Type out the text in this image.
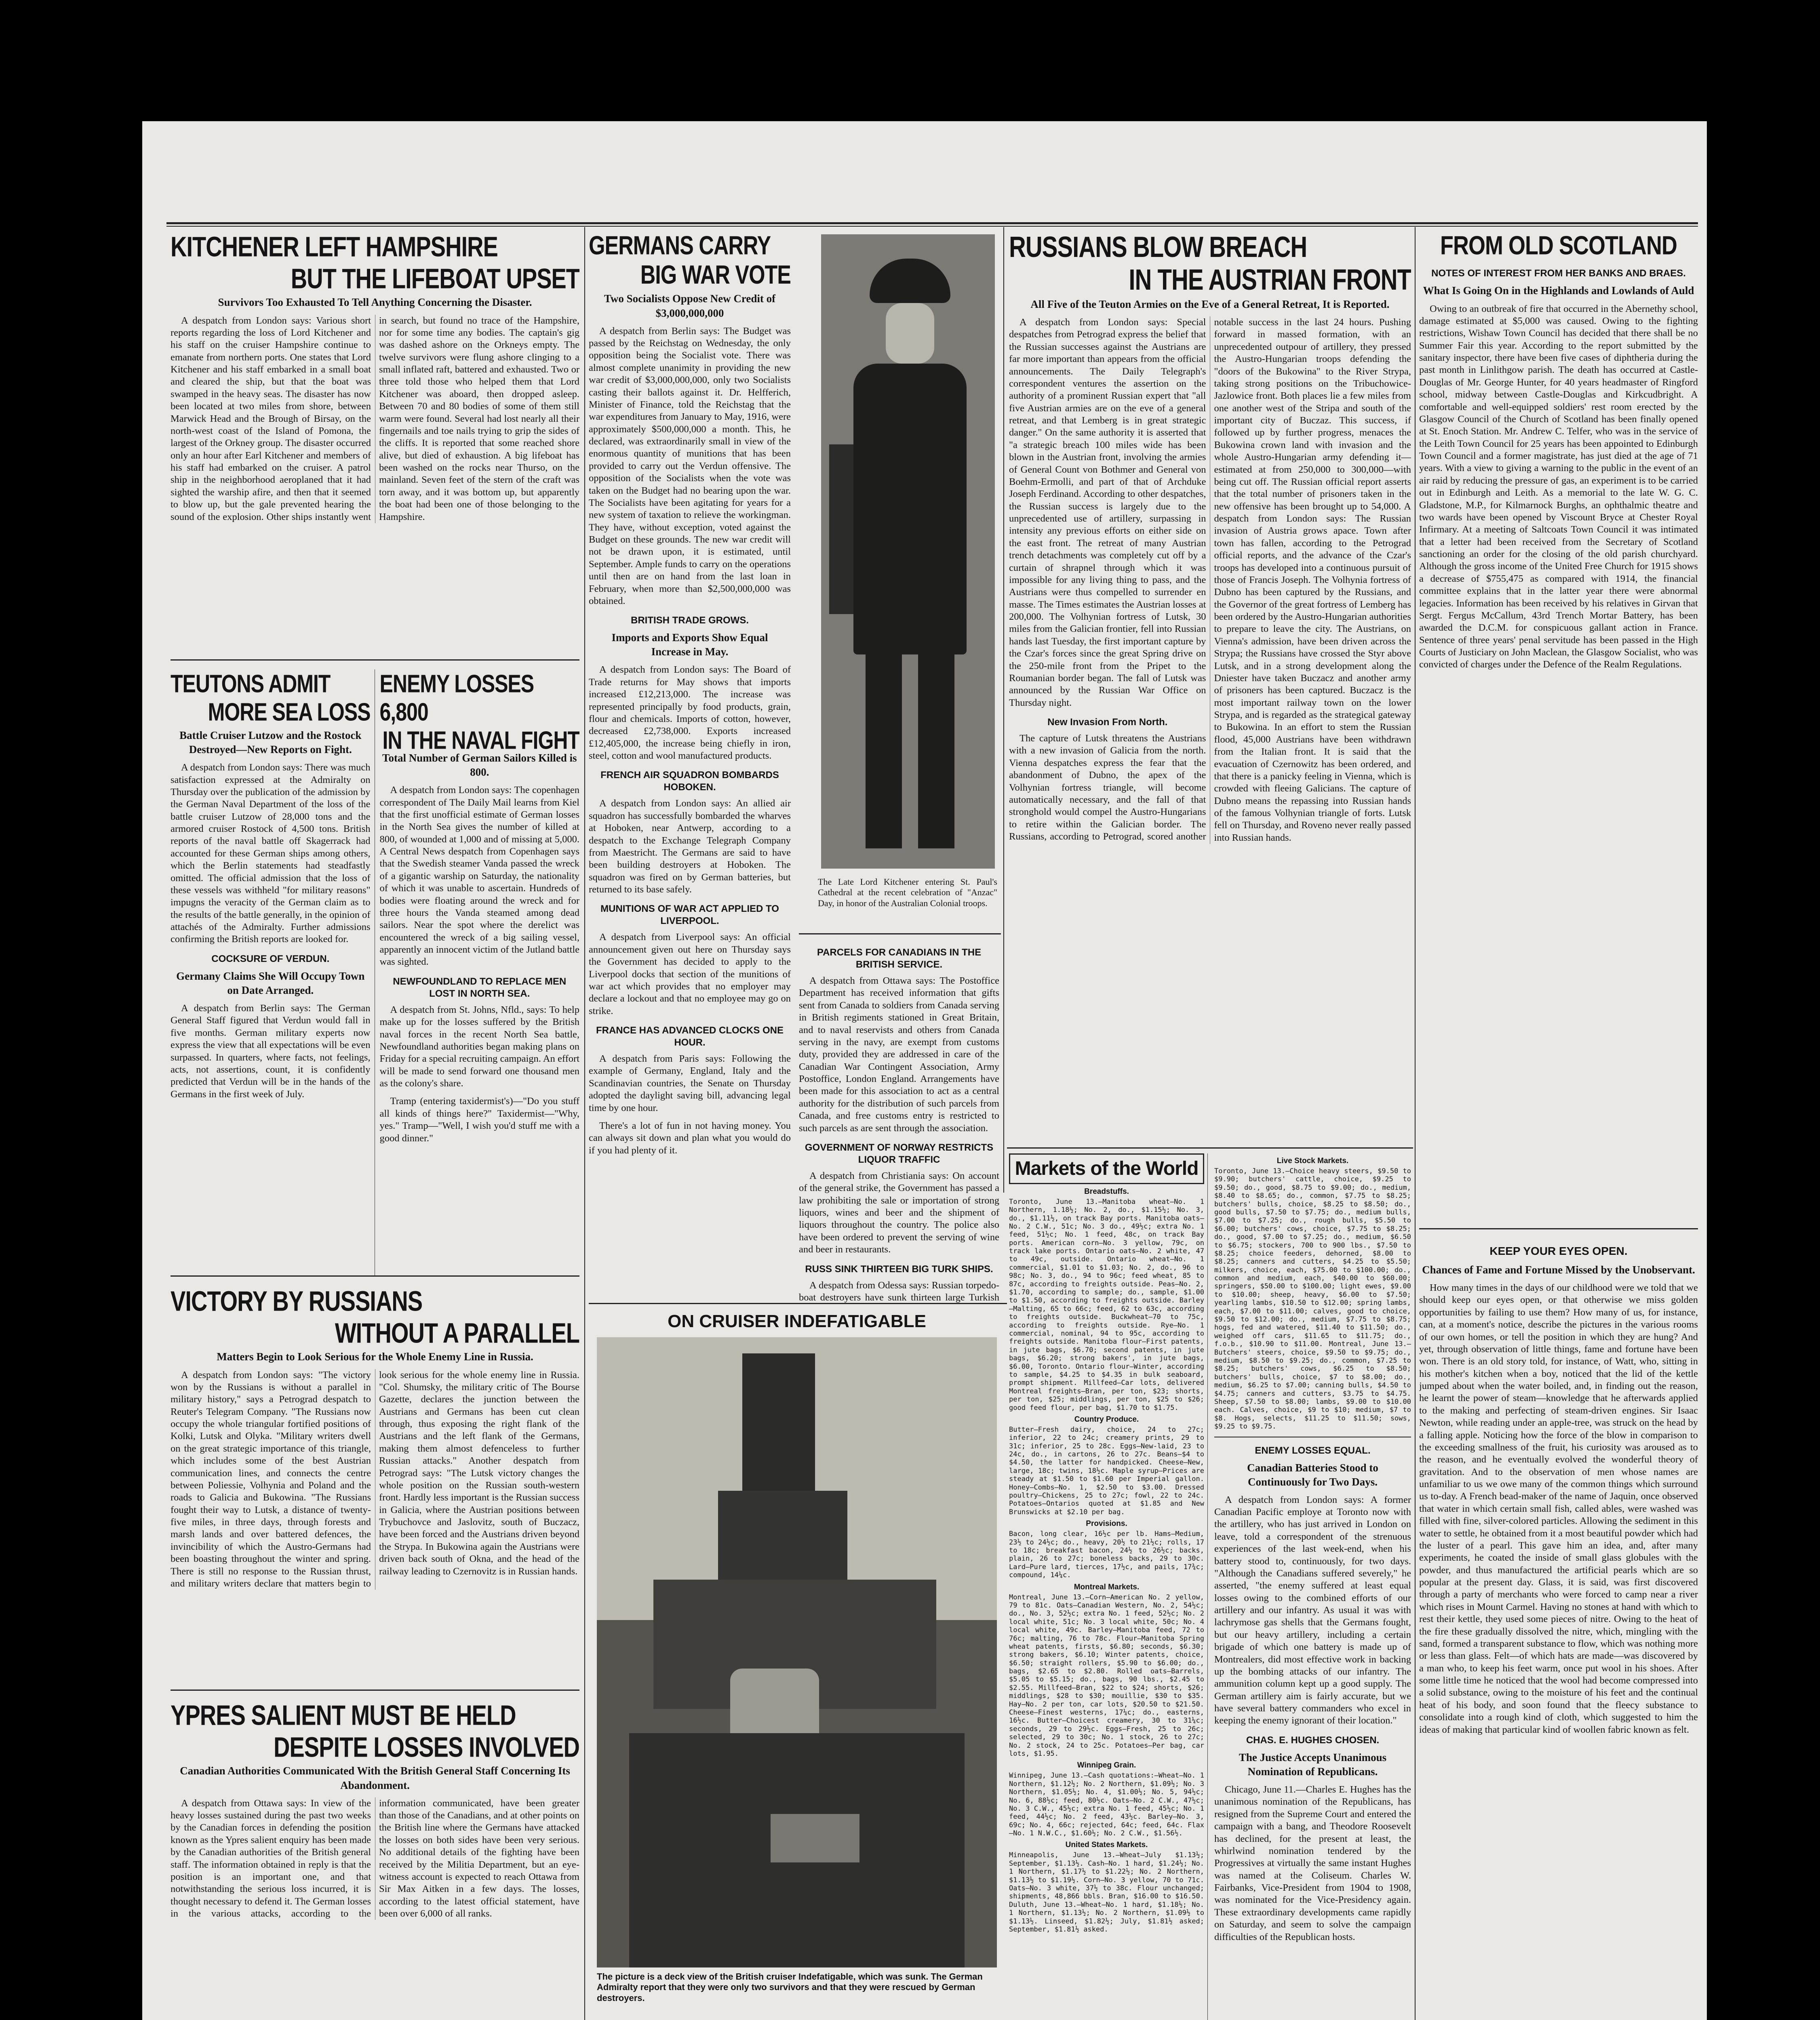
KITCHENER LEFT HAMPSHIRE
BUT THE LIFEBOAT UPSET

Survivors Too Exhausted To Tell Anything Concerning the Disaster.

A despatch from London says: Various short reports regarding the loss of Lord Kitchener and his staff on the cruiser Hampshire continue to emanate from northern ports. One states that Lord Kitchener and his staff embarked in a small boat and cleared the ship, but that the boat was swamped in the heavy seas. The disaster has now been located at two miles from shore, between Marwick Head and the Brough of Birsay, on the north-west coast of the Island of Pomona, the largest of the Orkney group. The disaster occurred only an hour after Earl Kitchener and members of his staff had embarked on the cruiser. A patrol ship in the neighborhood aeroplaned that it had sighted the warship afire, and then that it seemed to blow up, but the gale prevented hearing the sound of the explosion. Other ships instantly went in search, but found no trace of the Hampshire, nor for some time any bodies. The captain's gig was dashed ashore on the Orkneys empty. The twelve survivors were flung ashore clinging to a small inflated raft, battered and exhausted. Two or three told those who helped them that Lord Kitchener was aboard, then dropped asleep. Between 70 and 80 bodies of some of them still warm were found. Several had lost nearly all their fingernails and toe nails trying to grip the sides of the cliffs. It is reported that some reached shore alive, but died of exhaustion. A big lifeboat has been washed on the rocks near Thurso, on the mainland. Seven feet of the stern of the craft was torn away, and it was bottom up, but apparently the boat had been one of those belonging to the Hampshire.

TEUTONS ADMIT
MORE SEA LOSS

Battle Cruiser Lutzow and the Rostock Destroyed—New Reports on Fight.

A despatch from London says: There was much satisfaction expressed at the Admiralty on Thursday over the publication of the admission by the German Naval Department of the loss of the battle cruiser Lutzow of 28,000 tons and the armored cruiser Rostock of 4,500 tons. British reports of the naval battle off Skagerrack had accounted for these German ships among others, which the Berlin statements had steadfastly omitted. The official admission that the loss of these vessels was withheld "for military reasons" impugns the veracity of the German claim as to the results of the battle generally, in the opinion of attachés of the Admiralty. Further admissions confirming the British reports are looked for.

COCKSURE OF VERDUN.

Germany Claims She Will Occupy Town on Date Arranged.

A despatch from Berlin says: The German General Staff figured that Verdun would fall in five months. German military experts now express the view that all expectations will be even surpassed. In quarters, where facts, not feelings, acts, not assertions, count, it is confidently predicted that Verdun will be in the hands of the Germans in the first week of July.

ENEMY LOSSES 6,800
IN THE NAVAL FIGHT

Total Number of German Sailors Killed is 800.

A despatch from London says: The copenhagen correspondent of The Daily Mail learns from Kiel that the first unofficial estimate of German losses in the North Sea gives the number of killed at 800, of wounded at 1,000 and of missing at 5,000. A Central News despatch from Copenhagen says that the Swedish steamer Vanda passed the wreck of a gigantic warship on Saturday, the nationality of which it was unable to ascertain. Hundreds of bodies were floating around the wreck and for three hours the Vanda steamed among dead sailors. Near the spot where the derelict was encountered the wreck of a big sailing vessel, apparently an innocent victim of the Jutland battle was sighted.

NEWFOUNDLAND TO REPLACE MEN LOST IN NORTH SEA.

A despatch from St. Johns, Nfld., says: To help make up for the losses suffered by the British naval forces in the recent North Sea battle, Newfoundland authorities began making plans on Friday for a special recruiting campaign. An effort will be made to send forward one thousand men as the colony's share.

Tramp (entering taxidermist's)—"Do you stuff all kinds of things here?" Taxidermist—"Why, yes." Tramp—"Well, I wish you'd stuff me with a good dinner."

VICTORY BY RUSSIANS
WITHOUT A PARALLEL

Matters Begin to Look Serious for the Whole Enemy Line in Russia.

A despatch from London says: "The victory won by the Russians is without a parallel in military history," says a Petrograd despatch to Reuter's Telegram Company. "The Russians now occupy the whole triangular fortified positions of Kolki, Lutsk and Olyka. "Military writers dwell on the great strategic importance of this triangle, which includes some of the best Austrian communication lines, and connects the centre between Poliessie, Volhynia and Poland and the roads to Galicia and Bukowina. "The Russians fought their way to Lutsk, a distance of twenty-five miles, in three days, through forests and marsh lands and over battered defences, the invincibility of which the Austro-Germans had been boasting throughout the winter and spring. There is still no response to the Russian thrust, and military writers declare that matters begin to look serious for the whole enemy line in Russia. "Col. Shumsky, the military critic of The Bourse Gazette, declares the junction between the Austrians and Germans has been cut clean through, thus exposing the right flank of the Austrians and the left flank of the Germans, making them almost defenceless to further Russian attacks." Another despatch from Petrograd says: "The Lutsk victory changes the whole position on the Russian south-western front. Hardly less important is the Russian success in Galicia, where the Austrian positions between Trybuchovce and Jaslovitz, south of Buczacz, have been forced and the Austrians driven beyond the Strypa. In Bukowina again the Austrians were driven back south of Okna, and the head of the railway leading to Czernovitz is in Russian hands.

YPRES SALIENT MUST BE HELD
DESPITE LOSSES INVOLVED

Canadian Authorities Communicated With the British General Staff Concerning Its Abandonment.

A despatch from Ottawa says: In view of the heavy losses sustained during the past two weeks by the Canadian forces in defending the position known as the Ypres salient enquiry has been made by the Canadian authorities of the British general staff. The information obtained in reply is that the position is an important one, and that notwithstanding the serious loss incurred, it is thought necessary to defend it. The German losses in the various attacks, according to the information communicated, have been greater than those of the Canadians, and at other points on the British line where the Germans have attacked the losses on both sides have been very serious. No additional details of the fighting have been received by the Militia Department, but an eye-witness account is expected to reach Ottawa from Sir Max Aitken in a few days. The losses, according to the latest official statement, have been over 6,000 of all ranks.

GERMANS CARRY
BIG WAR VOTE

Two Socialists Oppose New Credit of $3,000,000,000

A despatch from Berlin says: The Budget was passed by the Reichstag on Wednesday, the only opposition being the Socialist vote. There was almost complete unanimity in providing the new war credit of $3,000,000,000, only two Socialists casting their ballots against it. Dr. Helfferich, Minister of Finance, told the Reichstag that the war expenditures from January to May, 1916, were approximately $500,000,000 a month. This, he declared, was extraordinarily small in view of the enormous quantity of munitions that has been provided to carry out the Verdun offensive. The opposition of the Socialists when the vote was taken on the Budget had no bearing upon the war. The Socialists have been agitating for years for a new system of taxation to relieve the workingman. They have, without exception, voted against the Budget on these grounds. The new war credit will not be drawn upon, it is estimated, until September. Ample funds to carry on the operations until then are on hand from the last loan in February, when more than $2,500,000,000 was obtained.

BRITISH TRADE GROWS.

Imports and Exports Show Equal Increase in May.

A despatch from London says: The Board of Trade returns for May shows that imports increased £12,213,000. The increase was represented principally by food products, grain, flour and chemicals. Imports of cotton, however, decreased £2,738,000. Exports increased £12,405,000, the increase being chiefly in iron, steel, cotton and wool manufactured products.

FRENCH AIR SQUADRON BOMBARDS HOBOKEN.

A despatch from London says: An allied air squadron has successfully bombarded the wharves at Hoboken, near Antwerp, according to a despatch to the Exchange Telegraph Company from Maestricht. The Germans are said to have been building destroyers at Hoboken. The squadron was fired on by German batteries, but returned to its base safely.

MUNITIONS OF WAR ACT APPLIED TO LIVERPOOL.

A despatch from Liverpool says: An official announcement given out here on Thursday says the Government has decided to apply to the Liverpool docks that section of the munitions of war act which provides that no employer may declare a lockout and that no employee may go on strike.

FRANCE HAS ADVANCED CLOCKS ONE HOUR.

A despatch from Paris says: Following the example of Germany, England, Italy and the Scandinavian countries, the Senate on Thursday adopted the daylight saving bill, advancing legal time by one hour.

There's a lot of fun in not having money. You can always sit down and plan what you would do if you had plenty of it.

The Late Lord Kitchener entering St. Paul's Cathedral at the recent celebration of "Anzac" Day, in honor of the Australian Colonial troops.

PARCELS FOR CANADIANS IN THE BRITISH SERVICE.

A despatch from Ottawa says: The Postoffice Department has received information that gifts sent from Canada to soldiers from Canada serving in British regiments stationed in Great Britain, and to naval reservists and others from Canada serving in the navy, are exempt from customs duty, provided they are addressed in care of the Canadian War Contingent Association, Army Postoffice, London England. Arrangements have been made for this association to act as a central authority for the distribution of such parcels from Canada, and free customs entry is restricted to such parcels as are sent through the association.

GOVERNMENT OF NORWAY RESTRICTS LIQUOR TRAFFIC

A despatch from Christiania says: On account of the general strike, the Government has passed a law prohibiting the sale or importation of strong liquors, wines and beer and the shipment of liquors throughout the country. The police also have been ordered to prevent the serving of wine and beer in restaurants.

RUSS SINK THIRTEEN BIG TURK SHIPS.

A despatch from Odessa says: Russian torpedo-boat destroyers have sunk thirteen large Turkish

ON CRUISER INDEFATIGABLE

The picture is a deck view of the British cruiser Indefatigable, which was sunk. The German Admiralty report that they were only two survivors and that they were rescued by German destroyers.

RUSSIANS BLOW BREACH
IN THE AUSTRIAN FRONT

All Five of the Teuton Armies on the Eve of a General Retreat, It is Reported.

A despatch from London says: Special despatches from Petrograd express the belief that the Russian successes against the Austrians are far more important than appears from the official announcements. The Daily Telegraph's correspondent ventures the assertion on the authority of a prominent Russian expert that "all five Austrian armies are on the eve of a general retreat, and that Lemberg is in great strategic danger." On the same authority it is asserted that "a strategic breach 100 miles wide has been blown in the Austrian front, involving the armies of General Count von Bothmer and General von Boehm-Ermolli, and part of that of Archduke Joseph Ferdinand. According to other despatches, the Russian success is largely due to the unprecedented use of artillery, surpassing in intensity any previous efforts on either side on the east front. The retreat of many Austrian trench detachments was completely cut off by a curtain of shrapnel through which it was impossible for any living thing to pass, and the Austrians were thus compelled to surrender en masse. The Times estimates the Austrian losses at 200,000. The Volhynian fortress of Lutsk, 30 miles from the Galician frontier, fell into Russian hands last Tuesday, the first important capture by the Czar's forces since the great Spring drive on the 250-mile front from the Pripet to the Roumanian border began. The fall of Lutsk was announced by the Russian War Office on Thursday night.

New Invasion From North.

The capture of Lutsk threatens the Austrians with a new invasion of Galicia from the north. Vienna despatches express the fear that the abandonment of Dubno, the apex of the Volhynian fortress triangle, will become automatically necessary, and the fall of that stronghold would compel the Austro-Hungarians to retire within the Galician border. The Russians, according to Petrograd, scored another notable success in the last 24 hours. Pushing forward in massed formation, with an unprecedented outpour of artillery, they pressed the Austro-Hungarian troops defending the "doors of the Bukowina" to the River Strypa, taking strong positions on the Tribuchowice-Jazlowice front. Both places lie a few miles from one another west of the Stripa and south of the important city of Buczaz. This success, if followed up by further progress, menaces the Bukowina crown land with invasion and the whole Austro-Hungarian army defending it—estimated at from 250,000 to 300,000—with being cut off. The Russian official report asserts that the total number of prisoners taken in the new offensive has been brought up to 54,000. A despatch from London says: The Russian invasion of Austria grows apace. Town after town has fallen, according to the Petrograd official reports, and the advance of the Czar's troops has developed into a continuous pursuit of those of Francis Joseph. The Volhynia fortress of Dubno has been captured by the Russians, and the Governor of the great fortress of Lemberg has been ordered by the Austro-Hungarian authorities to prepare to leave the city. The Austrians, on Vienna's admission, have been driven across the Strypa; the Russians have crossed the Styr above Lutsk, and in a strong development along the Dniester have taken Buczacz and another army of prisoners has been captured. Buczacz is the most important railway town on the lower Strypa, and is regarded as the strategical gateway to Bukowina. In an effort to stem the Russian flood, 45,000 Austrians have been withdrawn from the Italian front. It is said that the evacuation of Czernowitz has been ordered, and that there is a panicky feeling in Vienna, which is crowded with fleeing Galicians. The capture of Dubno means the repassing into Russian hands of the famous Volhynian triangle of forts. Lutsk fell on Thursday, and Roveno never really passed into Russian hands.

Markets of the World

Breadstuffs.

Toronto, June 13.—Manitoba wheat—No. 1 Northern, 1.18½; No. 2, do., $1.15½; No. 3, do., $1.11½, on track Bay ports. Manitoba oats—No. 2 C.W., 51c; No. 3 do., 49½c; extra No. 1 feed, 51½c; No. 1 feed, 48c, on track Bay ports. American corn—No. 3 yellow, 79c, on track lake ports. Ontario oats—No. 2 white, 47 to 49c, outside. Ontario wheat—No. 1 commercial, $1.01 to $1.03; No. 2, do., 96 to 98c; No. 3, do., 94 to 96c; feed wheat, 85 to 87c, according to freights outside. Peas—No. 2, $1.70, according to sample; do., sample, $1.00 to $1.50, according to freights outside. Barley—Malting, 65 to 66c; feed, 62 to 63c, according to freights outside. Buckwheat—70 to 75c, according to freights outside. Rye—No. 1 commercial, nominal, 94 to 95c, according to freights outside. Manitoba flour—First patents, in jute bags, $6.70; second patents, in jute bags, $6.20; strong bakers', in jute bags, $6.00, Toronto. Ontario flour—Winter, according to sample, $4.25 to $4.35 in bulk seaboard, prompt shipment. Millfeed—Car lots, delivered Montreal freights—Bran, per ton, $23; shorts, per ton, $25; middlings, per ton, $25 to $26; good feed flour, per bag, $1.70 to $1.75.

Country Produce.

Butter—Fresh dairy, choice, 24 to 27c; inferior, 22 to 24c; creamery prints, 29 to 31c; inferior, 25 to 28c. Eggs—New-laid, 23 to 24c, do., in cartons, 26 to 27c. Beans—$4 to $4.50, the latter for handpicked. Cheese—New, large, 18c; twins, 18½c. Maple syrup—Prices are steady at $1.50 to $1.60 per Imperial gallon. Honey—Combs—No. 1, $2.50 to $3.00. Dressed poultry—Chickens, 25 to 27c; fowl, 22 to 24c. Potatoes—Ontarios quoted at $1.85 and New Brunswicks at $2.10 per bag.

Provisions.

Bacon, long clear, 16½c per lb. Hams—Medium, 23½ to 24½c; do., heavy, 20½ to 21½c; rolls, 17 to 18c; breakfast bacon, 24½ to 26½c; backs, plain, 26 to 27c; boneless backs, 29 to 30c. Lard—Pure lard, tierces, 17½c, and pails, 17¾c; compound, 14¼c.

Montreal Markets.

Montreal, June 13.—Corn—American No. 2 yellow, 79 to 81c. Oats—Canadian Western, No. 2, 54½c; do., No. 3, 52½c; extra No. 1 feed, 52½c; No. 2 local white, 51c; No. 3 local white, 50c; No. 4 local white, 49c. Barley—Manitoba feed, 72 to 76c; malting, 76 to 78c. Flour—Manitoba Spring wheat patents, firsts, $6.80; seconds, $6.30; strong bakers, $6.10; Winter patents, choice, $6.50; straight rollers, $5.90 to $6.00; do., bags, $2.65 to $2.80. Rolled oats—Barrels, $5.05 to $5.15; do., bags, 90 lbs., $2.45 to $2.55. Millfeed—Bran, $22 to $24; shorts, $26; middlings, $28 to $30; mouillie, $30 to $35. Hay—No. 2 per ton, car lots, $20.50 to $21.50. Cheese—Finest westerns, 17¼c; do., easterns, 16½c. Butter—Choicest creamery, 30 to 31¼c; seconds, 29 to 29½c. Eggs—Fresh, 25 to 26c; selected, 29 to 30c; No. 1 stock, 26 to 27c; No. 2 stock, 24 to 25c. Potatoes—Per bag, car lots, $1.95.

Winnipeg Grain.

Winnipeg, June 13.—Cash quotations:—Wheat—No. 1 Northern, $1.12½; No. 2 Northern, $1.09½; No. 3 Northern, $1.05½; No. 4, $1.00½; No. 5, 94½c; No. 6, 88½c; feed, 80½c. Oats—No. 2 C.W., 47½c; No. 3 C.W., 45½c; extra No. 1 feed, 45½c; No. 1 feed, 44½c; No. 2 feed, 43½c. Barley—No. 3, 69c; No. 4, 66c; rejected, 64c; feed, 64c. Flax—No. 1 N.W.C., $1.60½; No. 2 C.W., $1.56½.

United States Markets.

Minneapolis, June 13.—Wheat—July $1.13½; September, $1.13½. Cash—No. 1 hard, $1.24½; No. 1 Northern, $1.17½ to $1.22½; No. 2 Northern, $1.13½ to $1.19½. Corn—No. 3 yellow, 70 to 71c. Oats—No. 3 white, 37½ to 38c. Flour unchanged; shipments, 48,866 bbls. Bran, $16.00 to $16.50. Duluth, June 13.—Wheat—No. 1 hard, $1.18½; No. 1 Northern, $1.13½; No. 2 Northern, $1.09½ to $1.13½. Linseed, $1.82½; July, $1.81½ asked; September, $1.81½ asked.

Live Stock Markets.

Toronto, June 13.—Choice heavy steers, $9.50 to $9.90; butchers' cattle, choice, $9.25 to $9.50; do., good, $8.75 to $9.00; do., medium, $8.40 to $8.65; do., common, $7.75 to $8.25; butchers' bulls, choice, $8.25 to $8.50; do., good bulls, $7.50 to $7.75; do., medium bulls, $7.00 to $7.25; do., rough bulls, $5.50 to $6.00; butchers' cows, choice, $7.75 to $8.25; do., good, $7.00 to $7.25; do., medium, $6.50 to $6.75; stockers, 700 to 900 lbs., $7.50 to $8.25; choice feeders, dehorned, $8.00 to $8.25; canners and cutters, $4.25 to $5.50; milkers, choice, each, $75.00 to $100.00; do., common and medium, each, $40.00 to $60.00; springers, $50.00 to $100.00; light ewes, $9.00 to $10.00; sheep, heavy, $6.00 to $7.50; yearling lambs, $10.50 to $12.00; spring lambs, each, $7.00 to $11.00; calves, good to choice, $9.50 to $12.00; do., medium, $7.75 to $8.75; hogs, fed and watered, $11.40 to $11.50; do., weighed off cars, $11.65 to $11.75; do., f.o.b., $10.90 to $11.00. Montreal, June 13.—Butchers' steers, choice, $9.50 to $9.75; do., medium, $8.50 to $9.25; do., common, $7.25 to $8.25; butchers' cows, $6.25 to $8.50; butchers' bulls, choice, $7 to $8.00; do., medium, $6.25 to $7.00; canning bulls, $4.50 to $4.75; canners and cutters, $3.75 to $4.75. Sheep, $7.50 to $8.00; lambs, $9.00 to $10.00 each. Calves, choice, $9 to $10; medium, $7 to $8. Hogs, selects, $11.25 to $11.50; sows, $9.25 to $9.75.

ENEMY LOSSES EQUAL.

Canadian Batteries Stood to Continuously for Two Days.

A despatch from London says: A former Canadian Pacific employe at Toronto now with the artillery, who has just arrived in London on leave, told a correspondent of the strenuous experiences of the last week-end, when his battery stood to, continuously, for two days. "Although the Canadians suffered severely," he asserted, "the enemy suffered at least equal losses owing to the combined efforts of our artillery and our infantry. As usual it was with lachrymose gas shells that the Germans fought, but our heavy artillery, including a certain brigade of which one battery is made up of Montrealers, did most effective work in backing up the bombing attacks of our infantry. The ammunition column kept up a good supply. The German artillery aim is fairly accurate, but we have several battery commanders who excel in keeping the enemy ignorant of their location."

CHAS. E. HUGHES CHOSEN.

The Justice Accepts Unanimous Nomination of Republicans.

Chicago, June 11.—Charles E. Hughes has the unanimous nomination of the Republicans, has resigned from the Supreme Court and entered the campaign with a bang, and Theodore Roosevelt has declined, for the present at least, the whirlwind nomination tendered by the Progressives at virtually the same instant Hughes was named at the Coliseum. Charles W. Fairbanks, Vice-President from 1904 to 1908, was nominated for the Vice-Presidency again. These extraordinary developments came rapidly on Saturday, and seem to solve the campaign difficulties of the Republican hosts.

FROM OLD SCOTLAND

NOTES OF INTEREST FROM HER BANKS AND BRAES.

What Is Going On in the Highlands and Lowlands of Auld

Owing to an outbreak of fire that occurred in the Abernethy school, damage estimated at $5,000 was caused. Owing to the fighting restrictions, Wishaw Town Council has decided that there shall be no Summer Fair this year. According to the report submitted by the sanitary inspector, there have been five cases of diphtheria during the past month in Linlithgow parish. The death has occurred at Castle-Douglas of Mr. George Hunter, for 40 years headmaster of Ringford school, midway between Castle-Douglas and Kirkcudbright. A comfortable and well-equipped soldiers' rest room erected by the Glasgow Council of the Church of Scotland has been finally opened at St. Enoch Station. Mr. Andrew C. Telfer, who was in the service of the Leith Town Council for 25 years has been appointed to Edinburgh Town Council and a former magistrate, has just died at the age of 71 years. With a view to giving a warning to the public in the event of an air raid by reducing the pressure of gas, an experiment is to be carried out in Edinburgh and Leith. As a memorial to the late W. G. C. Gladstone, M.P., for Kilmarnock Burghs, an ophthalmic theatre and two wards have been opened by Viscount Bryce at Chester Royal Infirmary. At a meeting of Saltcoats Town Council it was intimated that a letter had been received from the Secretary of Scotland sanctioning an order for the closing of the old parish churchyard. Although the gross income of the United Free Church for 1915 shows a decrease of $755,475 as compared with 1914, the financial committee explains that in the latter year there were abnormal legacies. Information has been received by his relatives in Girvan that Sergt. Fergus McCallum, 43rd Trench Mortar Battery, has been awarded the D.C.M. for conspicuous gallant action in France. Sentence of three years' penal servitude has been passed in the High Courts of Justiciary on John Maclean, the Glasgow Socialist, who was convicted of charges under the Defence of the Realm Regulations.

KEEP YOUR EYES OPEN.

Chances of Fame and Fortune Missed by the Unobservant.

How many times in the days of our childhood were we told that we should keep our eyes open, or that otherwise we miss golden opportunities by failing to use them? How many of us, for instance, can, at a moment's notice, describe the pictures in the various rooms of our own homes, or tell the position in which they are hung? And yet, through observation of little things, fame and fortune have been won. There is an old story told, for instance, of Watt, who, sitting in his mother's kitchen when a boy, noticed that the lid of the kettle jumped about when the water boiled, and, in finding out the reason, he learnt the power of steam—knowledge that he afterwards applied to the making and perfecting of steam-driven engines. Sir Isaac Newton, while reading under an apple-tree, was struck on the head by a falling apple. Noticing how the force of the blow in comparison to the exceeding smallness of the fruit, his curiosity was aroused as to the reason, and he eventually evolved the wonderful theory of gravitation. And to the observation of men whose names are unfamiliar to us we owe many of the common things which surround us to-day. A French bead-maker of the name of Jaquin, once observed that water in which certain small fish, called ables, were washed was filled with fine, silver-colored particles. Allowing the sediment in this water to settle, he obtained from it a most beautiful powder which had the luster of a pearl. This gave him an idea, and, after many experiments, he coated the inside of small glass globules with the powder, and thus manufactured the artificial pearls which are so popular at the present day. Glass, it is said, was first discovered through a party of merchants who were forced to camp near a river which rises in Mount Carmel. Having no stones at hand with which to rest their kettle, they used some pieces of nitre. Owing to the heat of the fire these gradually dissolved the nitre, which, mingling with the sand, formed a transparent substance to flow, which was nothing more or less than glass. Felt—of which hats are made—was discovered by a man who, to keep his feet warm, once put wool in his shoes. After some little time he noticed that the wool had become compressed into a solid substance, owing to the moisture of his feet and the continual heat of his body, and soon found that the fleecy substance to consolidate into a rough kind of cloth, which suggested to him the ideas of making that particular kind of woollen fabric known as felt.
